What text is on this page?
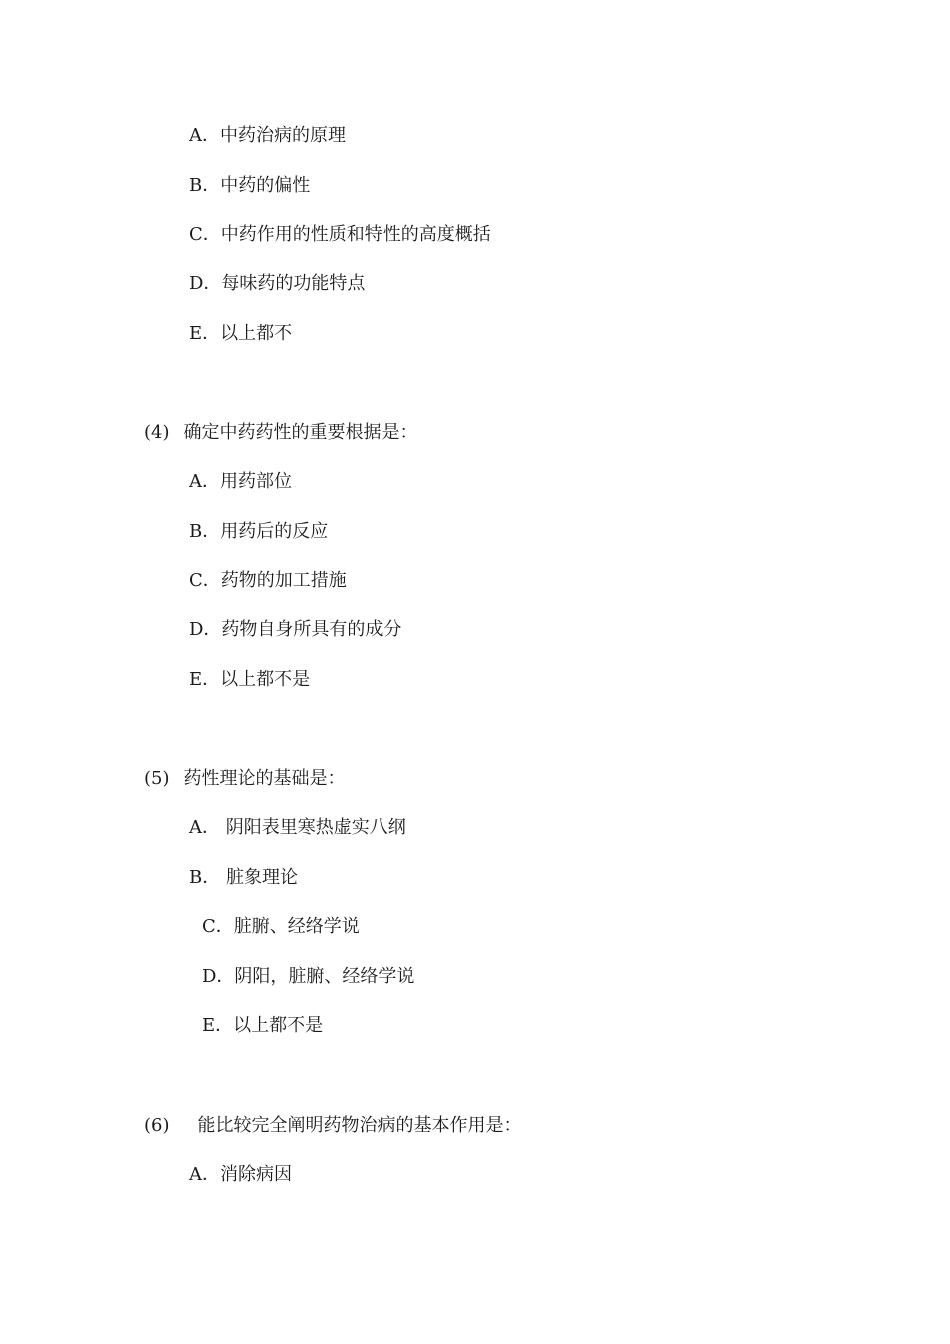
A．中药治病的原理
B．中药的偏性
C．中药作用的性质和特性的高度概括
D．每味药的功能特点
E．以上都不
(4) 确定中药药性的重要根据是：
A．用药部位
B．用药后的反应
C．药物的加工措施
D．药物自身所具有的成分
E．以上都不是
(5) 药性理论的基础是：
A． 阴阳表里寒热虚实八纲
B． 脏象理论
C．脏腑、经络学说
D．阴阳，脏腑、经络学说
E．以上都不是
(6) 能比较完全阐明药物治病的基本作用是：
A．消除病因
